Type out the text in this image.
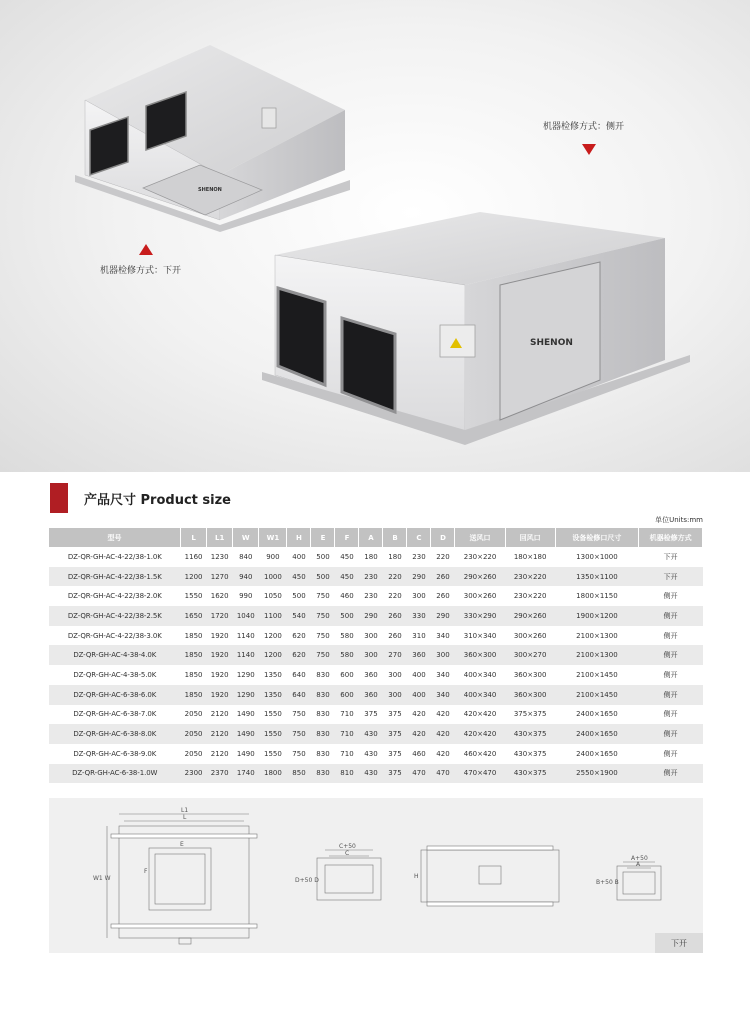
SHENON
SHENON
机器检修方式：侧开
机器检修方式：下开
产品尺寸 Product size
单位Units:mm
型号	L	L1	W	W1	H	E	F	A	B	C	D	送风口	回风口	设备检修口尺寸	机器检修方式
DZ-QR-GH-AC-4-22/38-1.0K	1160	1230	840	900	400	500	450	180	180	230	220	230×220	180×180	1300×1000	下开
DZ-QR-GH-AC-4-22/38-1.5K	1200	1270	940	1000	450	500	450	230	220	290	260	290×260	230×220	1350×1100	下开
DZ-QR-GH-AC-4-22/38-2.0K	1550	1620	990	1050	500	750	460	230	220	300	260	300×260	230×220	1800×1150	侧开
DZ-QR-GH-AC-4-22/38-2.5K	1650	1720	1040	1100	540	750	500	290	260	330	290	330×290	290×260	1900×1200	侧开
DZ-QR-GH-AC-4-22/38-3.0K	1850	1920	1140	1200	620	750	580	300	260	310	340	310×340	300×260	2100×1300	侧开
DZ-QR-GH-AC-4-38-4.0K	1850	1920	1140	1200	620	750	580	300	270	360	300	360×300	300×270	2100×1300	侧开
DZ-QR-GH-AC-4-38-5.0K	1850	1920	1290	1350	640	830	600	360	300	400	340	400×340	360×300	2100×1450	侧开
DZ-QR-GH-AC-6-38-6.0K	1850	1920	1290	1350	640	830	600	360	300	400	340	400×340	360×300	2100×1450	侧开
DZ-QR-GH-AC-6-38-7.0K	2050	2120	1490	1550	750	830	710	375	375	420	420	420×420	375×375	2400×1650	侧开
DZ-QR-GH-AC-6-38-8.0K	2050	2120	1490	1550	750	830	710	430	375	420	420	420×420	430×375	2400×1650	侧开
DZ-QR-GH-AC-6-38-9.0K	2050	2120	1490	1550	750	830	710	430	375	460	420	460×420	430×375	2400×1650	侧开
DZ-QR-GH-AC-6-38-1.0W	2300	2370	1740	1800	850	830	810	430	375	470	470	470×470	430×375	2550×1900	侧开
L1
L
W1 W
E
F
C+50
C
D+50 D
H
A+50
A
B+50 B
下开
